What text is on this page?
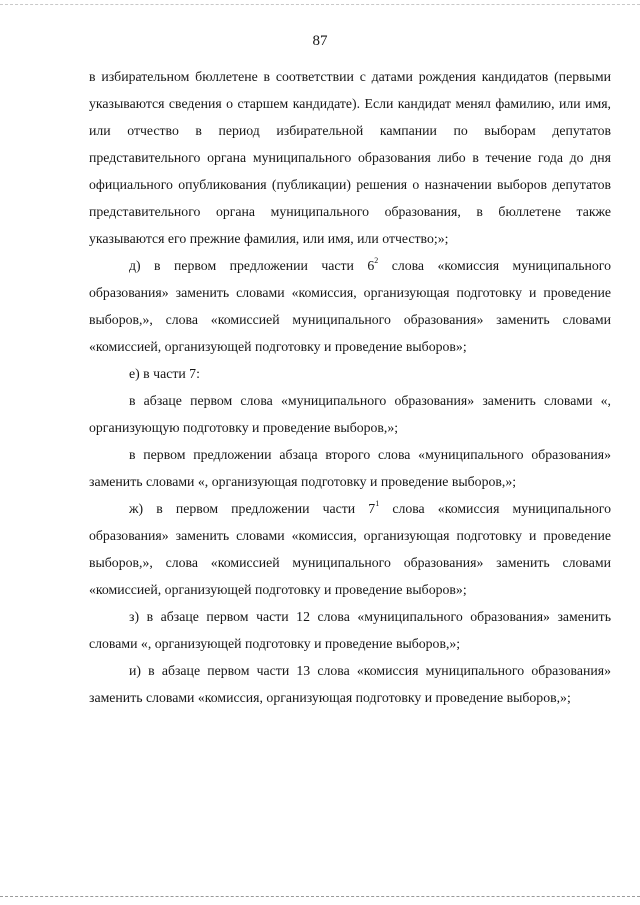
87

в избирательном бюллетене в соответствии с датами рождения кандидатов (первыми указываются сведения о старшем кандидате). Если кандидат менял фамилию, или имя, или отчество в период избирательной кампании по выборам депутатов представительного органа муниципального образования либо в течение года до дня официального опубликования (публикации) решения о назначении выборов депутатов представительного органа муниципального образования, в бюллетене также указываются его прежние фамилия, или имя, или отчество;»;

д) в первом предложении части $6^2$ слова «комиссия муниципального образования» заменить словами «комиссия, организующая подготовку и проведение выборов,», слова «комиссией муниципального образования» заменить словами «комиссией, организующей подготовку и проведение выборов»;

е) в части 7:

в абзаце первом слова «муниципального образования» заменить словами «, организующую подготовку и проведение выборов,»;

в первом предложении абзаца второго слова «муниципального образования» заменить словами «, организующая подготовку и проведение выборов,»;

ж) в первом предложении части $7^1$ слова «комиссия муниципального образования» заменить словами «комиссия, организующая подготовку и проведение выборов,», слова «комиссией муниципального образования» заменить словами «комиссией, организующей подготовку и проведение выборов»;

з) в абзаце первом части 12 слова «муниципального образования» заменить словами «, организующей подготовку и проведение выборов,»;

и) в абзаце первом части 13 слова «комиссия муниципального образования» заменить словами «комиссия, организующая подготовку и проведение выборов,»;
